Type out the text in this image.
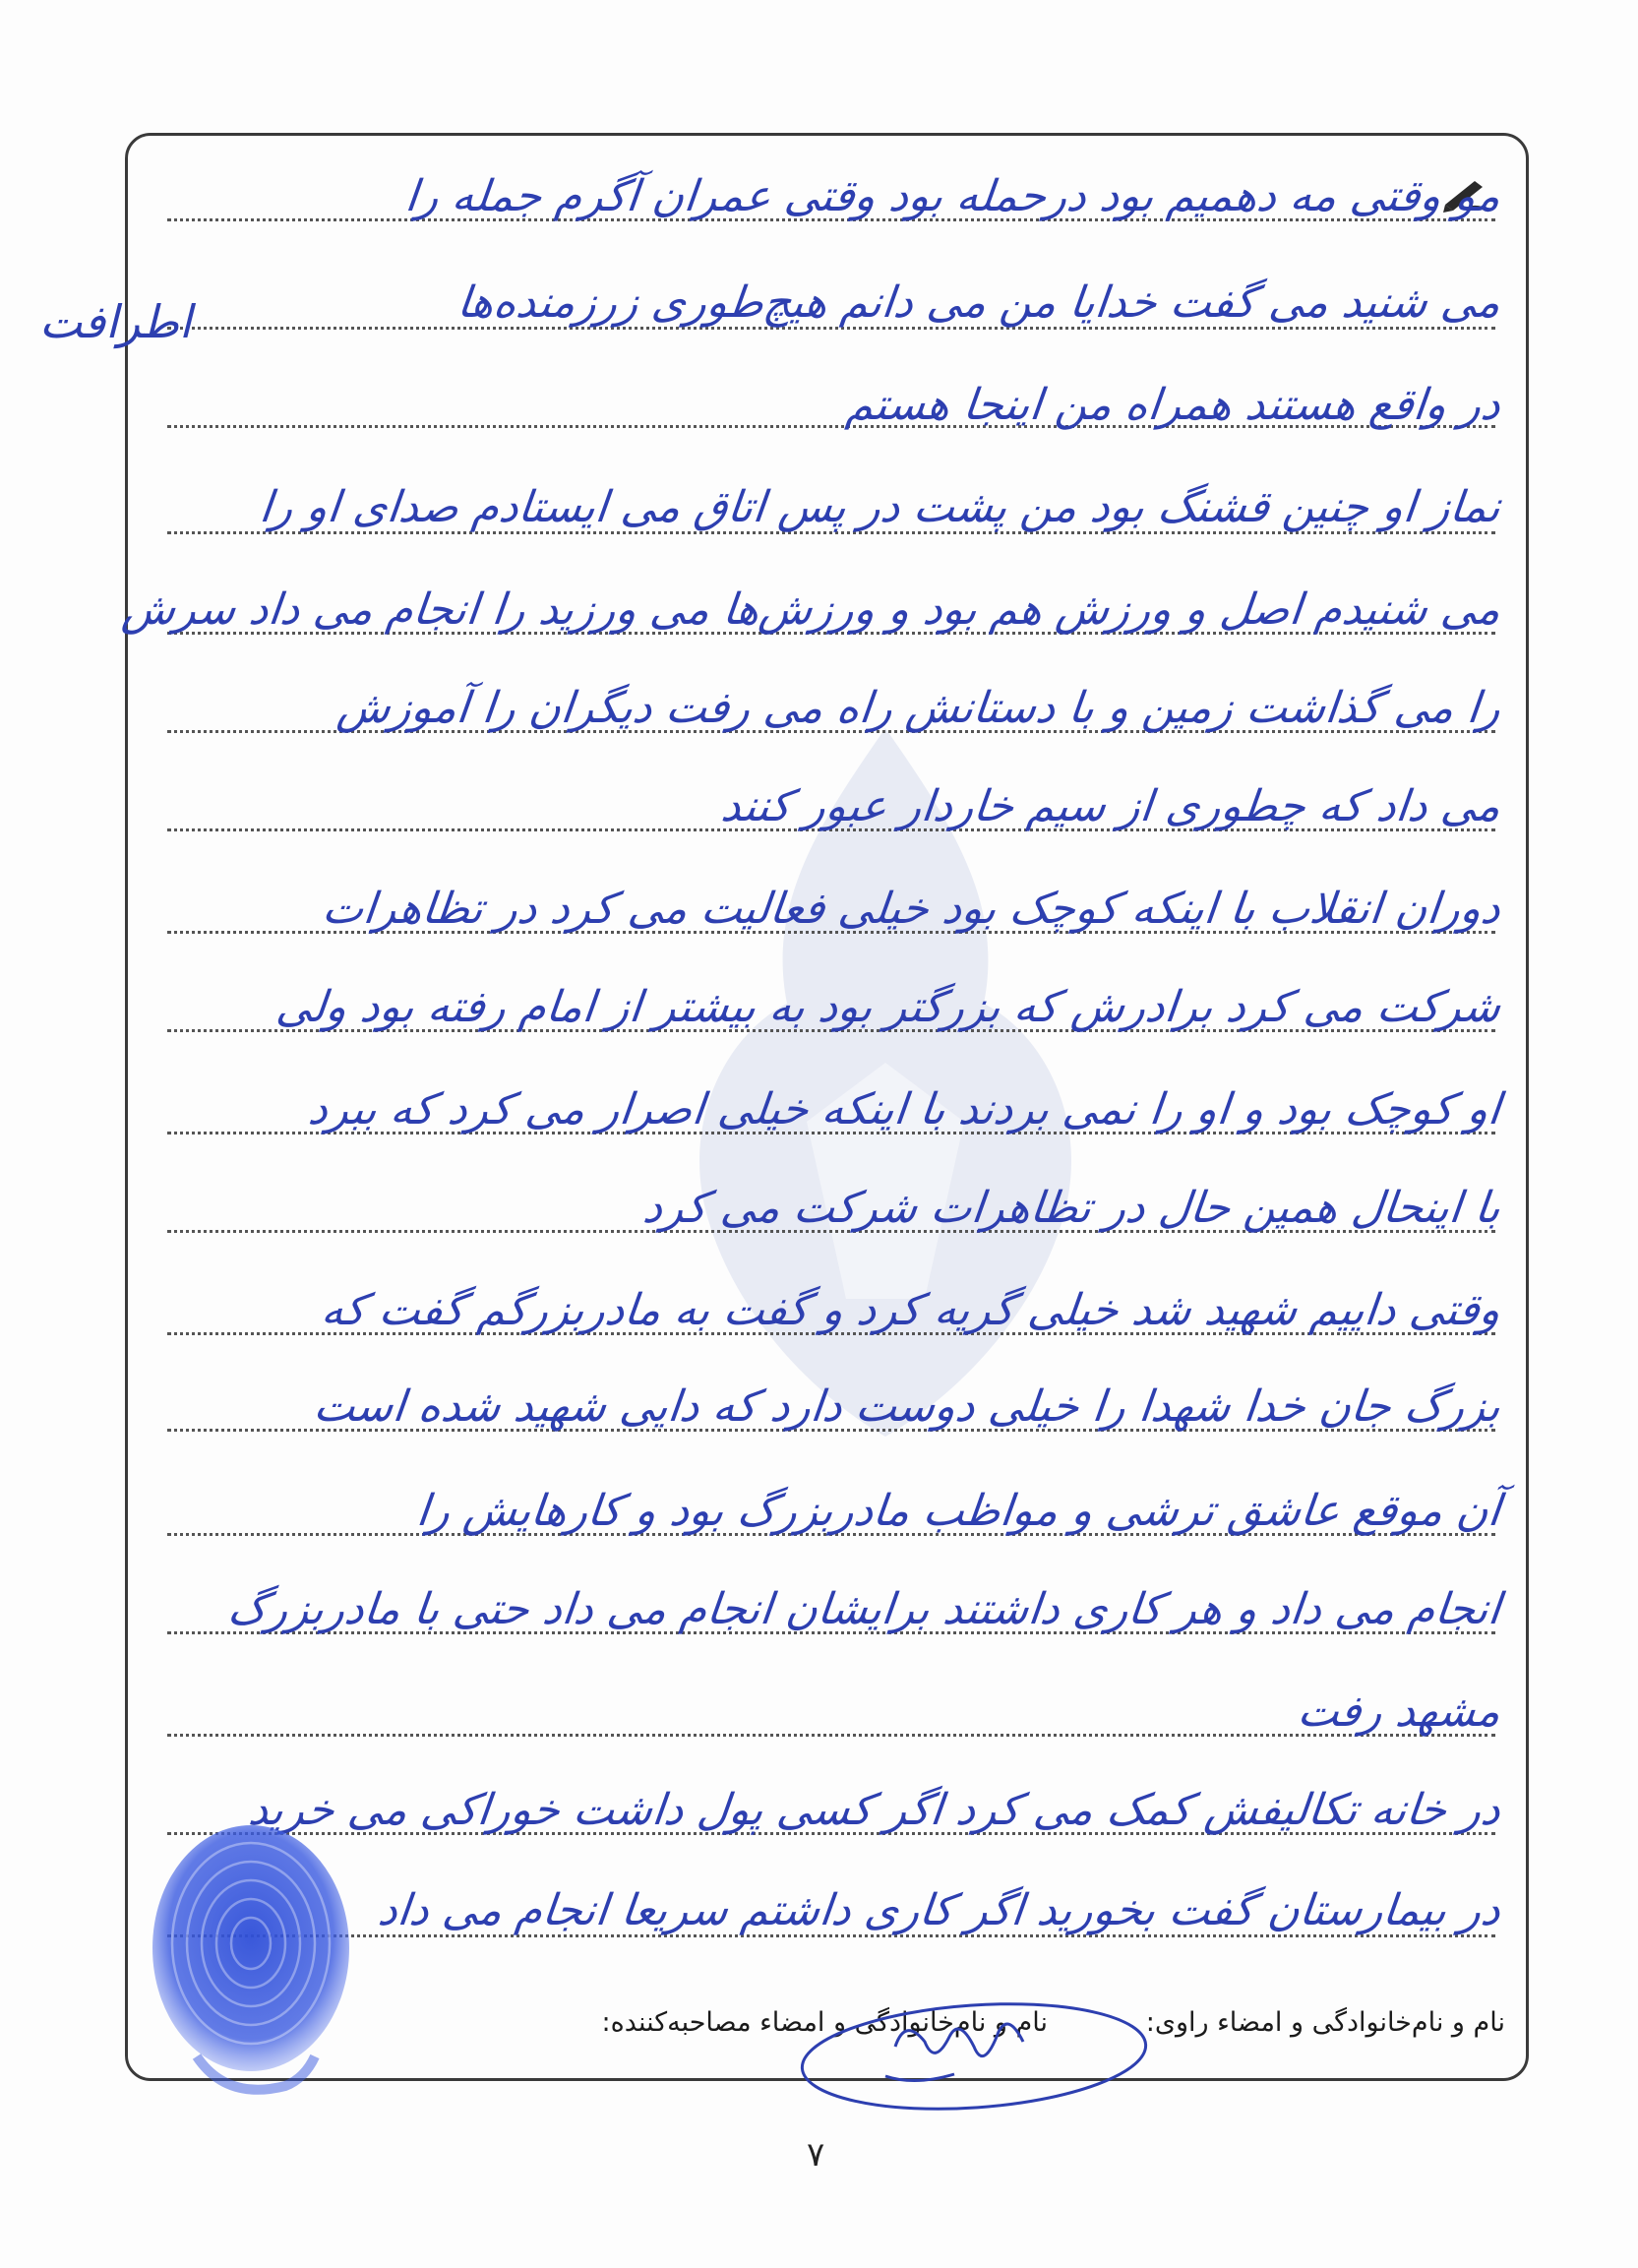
مو وقتی مه دهمیم بود درحمله بود وقتی عمران آگرم جمله را
می شنید می گفت خدایا من می دانم هیچ‌طوری زرزمنده‌ها
در واقع هستند همراه من اینجا هستم
نماز او چنین قشنگ بود من پشت در پس اتاق می ایستادم صدای او را
می شنیدم اصل و ورزش هم بود و ورزش‌ها می ورزید را انجام می داد سرش
را می گذاشت زمین و با دستانش راه می رفت دیگران را آموزش
می داد که چطوری از سیم خاردار عبور کنند
دوران انقلاب با اینکه کوچک بود خیلی فعالیت می کرد در تظاهرات
شرکت می کرد برادرش که بزرگتر بود به بیشتر از امام رفته بود ولی
او کوچک بود و او را نمی بردند با اینکه خیلی اصرار می کرد که ببرد
با اینحال همین حال در تظاهرات شرکت می کرد
وقتی داییم شهید شد خیلی گریه کرد و گفت به مادربزرگم گفت که
بزرگ جان خدا شهدا را خیلی دوست دارد که دایی شهید شده است
آن موقع عاشق ترشی و مواظب مادربزرگ بود و کارهایش را
انجام می داد و هر کاری داشتند برایشان انجام می داد حتی با مادربزرگ
مشهد رفت
در خانه تکالیفش کمک می کرد اگر کسی پول داشت خوراکی می خرید
در بیمارستان گفت بخورید اگر کاری داشتم سریعا انجام می داد
اطرافت
نام و نام‌خانوادگی و امضاء مصاحبه‌کننده:	نام و نام‌خانوادگی و امضاء راوی:
۷
